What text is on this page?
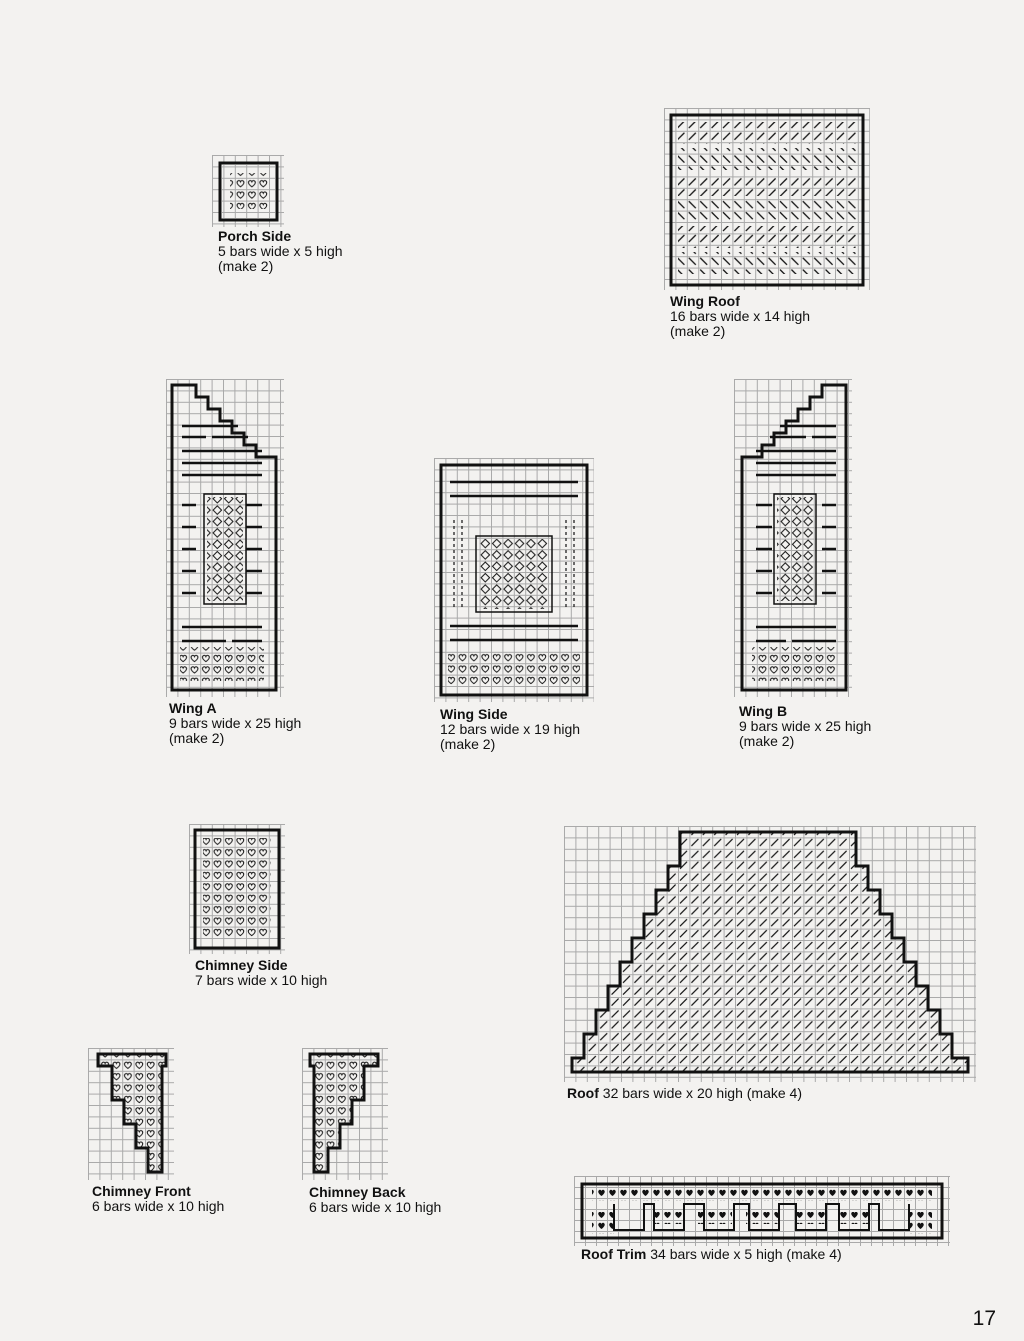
Porch Side
5 bars wide x 5 high
(make 2)
Wing Roof
16 bars wide x 14 high
(make 2)
Wing A
9 bars wide x 25 high
(make 2)
Wing Side
12 bars wide x 19 high
(make 2)
Wing B
9 bars wide x 25 high
(make 2)
Chimney Side
7 bars wide x 10 high
Roof 32 bars wide x 20 high (make 4)
Chimney Front
6 bars wide x 10 high
Chimney Back
6 bars wide x 10 high
Roof Trim 34 bars wide x 5 high (make 4)
17
